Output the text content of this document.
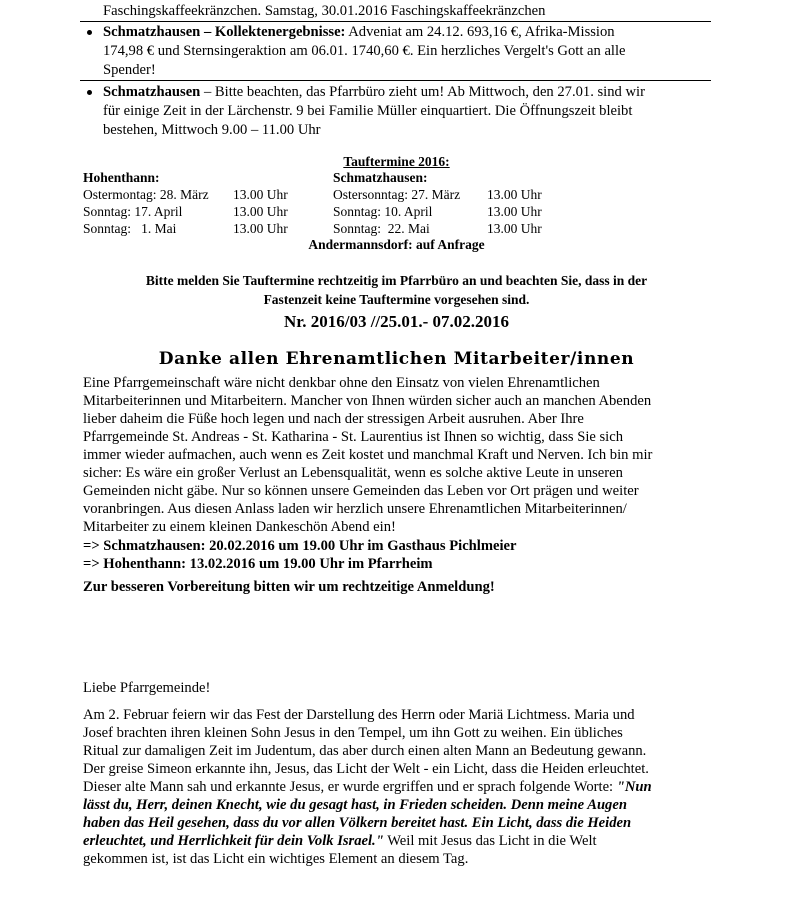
Faschingskaffeekränzchen. Samstag, 30.01.2016 Faschingskaffeekränzchen
Schmatzhausen – Kollektenergebnisse: Adveniat am 24.12. 693,16 €, Afrika-Mission
174,98 € und Sternsingeraktion am 06.01. 1740,60 €. Ein herzliches Vergelt's Gott an alle
Spender!
Schmatzhausen – Bitte beachten, das Pfarrbüro zieht um! Ab Mittwoch, den 27.01. sind wir
für einige Zeit in der Lärchenstr. 9 bei Familie Müller einquartiert. Die Öffnungszeit bleibt
bestehen, Mittwoch 9.00 – 11.00 Uhr
Tauftermine 2016:
Hohenthann:
Ostermontag: 28. März 13.00 Uhr
Sonntag: 17. April	13.00 Uhr
Sonntag:   1. Mai	13.00 Uhr
Schmatzhausen:
Ostersonntag: 27. März 13.00 Uhr
Sonntag: 10. April	13.00 Uhr
Sonntag:  22. Mai	13.00 Uhr
Andermannsdorf: auf Anfrage
Bitte melden Sie Tauftermine rechtzeitig im Pfarrbüro an und beachten Sie, dass in der
Fastenzeit keine Tauftermine vorgesehen sind.
Nr. 2016/03 //25.01.- 07.02.2016
Danke allen Ehrenamtlichen Mitarbeiter/innen
Eine Pfarrgemeinschaft wäre nicht denkbar ohne den Einsatz von vielen Ehrenamtlichen
Mitarbeiterinnen und Mitarbeitern. Mancher von Ihnen würden sicher auch an manchen Abenden
lieber daheim die Füße hoch legen und nach der stressigen Arbeit ausruhen. Aber Ihre
Pfarrgemeinde St. Andreas - St. Katharina - St. Laurentius ist Ihnen so wichtig, dass Sie sich
immer wieder aufmachen, auch wenn es Zeit kostet und manchmal Kraft und Nerven. Ich bin mir
sicher: Es wäre ein großer Verlust an Lebensqualität, wenn es solche aktive Leute in unseren
Gemeinden nicht gäbe. Nur so können unsere Gemeinden das Leben vor Ort prägen und weiter
voranbringen. Aus diesen Anlass laden wir herzlich unsere Ehrenamtlichen Mitarbeiterinnen/
Mitarbeiter zu einem kleinen Dankeschön Abend ein!
=> Schmatzhausen: 20.02.2016 um 19.00 Uhr im Gasthaus Pichlmeier
=> Hohenthann: 13.02.2016 um 19.00 Uhr im Pfarrheim
Zur besseren Vorbereitung bitten wir um rechtzeitige Anmeldung!
Liebe Pfarrgemeinde!
Am 2. Februar feiern wir das Fest der Darstellung des Herrn oder Mariä Lichtmess. Maria und
Josef brachten ihren kleinen Sohn Jesus in den Tempel, um ihn Gott zu weihen. Ein übliches
Ritual zur damaligen Zeit im Judentum, das aber durch einen alten Mann an Bedeutung gewann.
Der greise Simeon erkannte ihn, Jesus, das Licht der Welt - ein Licht, dass die Heiden erleuchtet.
Dieser alte Mann sah und erkannte Jesus, er wurde ergriffen und er sprach folgende Worte: "Nun
lässt du, Herr, deinen Knecht, wie du gesagt hast, in Frieden scheiden. Denn meine Augen
haben das Heil gesehen, dass du vor allen Völkern bereitet hast. Ein Licht, dass die Heiden
erleuchtet, und Herrlichkeit für dein Volk Israel." Weil mit Jesus das Licht in die Welt
gekommen ist, ist das Licht ein wichtiges Element an diesem Tag.
